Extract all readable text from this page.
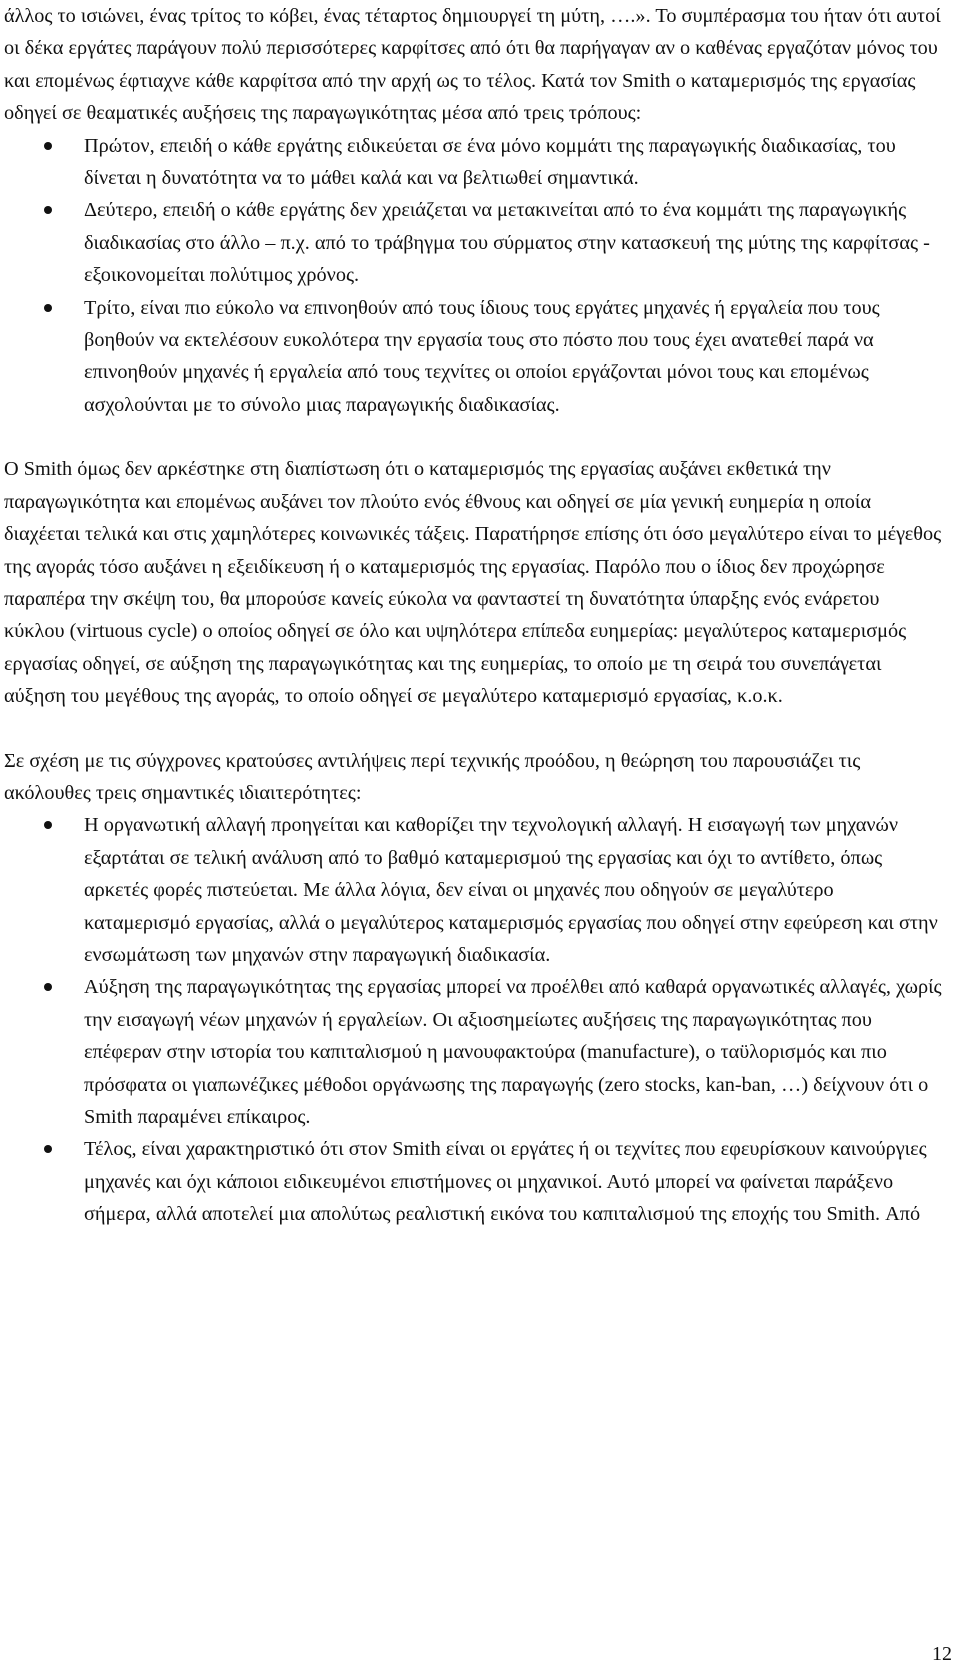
άλλος το ισιώνει, ένας τρίτος το κόβει, ένας τέταρτος δημιουργεί τη μύτη, ….». Το συμπέρασμα του ήταν ότι αυτοί οι δέκα εργάτες παράγουν πολύ περισσότερες καρφίτσες από ότι θα παρήγαγαν αν ο καθένας εργαζόταν μόνος του και επομένως έφτιαχνε κάθε καρφίτσα από την αρχή ως το τέλος. Κατά τον Smith ο καταμερισμός της εργασίας οδηγεί σε θεαματικές αυξήσεις της παραγωγικότητας μέσα από τρεις τρόπους:

Πρώτον, επειδή ο κάθε εργάτης ειδικεύεται σε ένα μόνο κομμάτι της παραγωγικής διαδικασίας, του δίνεται η δυνατότητα να το μάθει καλά και να βελτιωθεί σημαντικά.
Δεύτερο, επειδή ο κάθε εργάτης δεν χρειάζεται να μετακινείται από το ένα κομμάτι της παραγωγικής διαδικασίας στο άλλο – π.χ. από το τράβηγμα του σύρματος στην κατασκευή της μύτης της καρφίτσας - εξοικονομείται πολύτιμος χρόνος.
Τρίτο, είναι πιο εύκολο να επινοηθούν από τους ίδιους τους εργάτες μηχανές ή εργαλεία που τους βοηθούν να εκτελέσουν ευκολότερα την εργασία τους στο πόστο που τους έχει ανατεθεί παρά να επινοηθούν μηχανές ή εργαλεία από τους τεχνίτες οι οποίοι εργάζονται μόνοι τους και επομένως ασχολούνται με το σύνολο μιας παραγωγικής διαδικασίας.

Ο Smith όμως δεν αρκέστηκε στη διαπίστωση ότι ο καταμερισμός της εργασίας αυξάνει εκθετικά την παραγωγικότητα και επομένως αυξάνει τον πλούτο ενός έθνους και οδηγεί σε μία γενική ευημερία η οποία διαχέεται τελικά και στις χαμηλότερες κοινωνικές τάξεις. Παρατήρησε επίσης ότι όσο μεγαλύτερο είναι το μέγεθος της αγοράς τόσο αυξάνει η εξειδίκευση ή ο καταμερισμός της εργασίας. Παρόλο που ο ίδιος δεν προχώρησε παραπέρα την σκέψη του, θα μπορούσε κανείς εύκολα να φανταστεί τη δυνατότητα ύπαρξης ενός ενάρετου κύκλου (virtuous cycle) ο οποίος οδηγεί σε όλο και υψηλότερα επίπεδα ευημερίας: μεγαλύτερος καταμερισμός εργασίας οδηγεί, σε αύξηση της παραγωγικότητας και της ευημερίας, το οποίο με τη σειρά του συνεπάγεται αύξηση του μεγέθους της αγοράς, το οποίο οδηγεί σε μεγαλύτερο καταμερισμό εργασίας, κ.ο.κ.

Σε σχέση με τις σύγχρονες κρατούσες αντιλήψεις περί τεχνικής προόδου, η θεώρηση του παρουσιάζει τις ακόλουθες τρεις σημαντικές ιδιαιτερότητες:

Η οργανωτική αλλαγή προηγείται και καθορίζει την τεχνολογική αλλαγή. Η εισαγωγή των μηχανών εξαρτάται σε τελική ανάλυση από το βαθμό καταμερισμού της εργασίας και όχι το αντίθετο, όπως αρκετές φορές πιστεύεται. Με άλλα λόγια, δεν είναι οι μηχανές που οδηγούν σε μεγαλύτερο καταμερισμό εργασίας, αλλά ο μεγαλύτερος καταμερισμός εργασίας που οδηγεί στην εφεύρεση και στην ενσωμάτωση των μηχανών στην παραγωγική διαδικασία.
Αύξηση της παραγωγικότητας της εργασίας μπορεί να προέλθει από καθαρά οργανωτικές αλλαγές, χωρίς την εισαγωγή νέων μηχανών ή εργαλείων. Οι αξιοσημείωτες αυξήσεις της παραγωγικότητας που επέφεραν στην ιστορία του καπιταλισμού η μανουφακτούρα (manufacture), ο ταϋλορισμός και πιο πρόσφατα οι γιαπωνέζικες μέθοδοι οργάνωσης της παραγωγής (zero stocks, kan-ban, …) δείχνουν ότι ο Smith παραμένει επίκαιρος.
Τέλος, είναι χαρακτηριστικό ότι στον Smith είναι οι εργάτες ή οι τεχνίτες που εφευρίσκουν καινούργιες μηχανές και όχι κάποιοι ειδικευμένοι επιστήμονες οι μηχανικοί. Αυτό μπορεί να φαίνεται παράξενο σήμερα, αλλά αποτελεί μια απολύτως ρεαλιστική εικόνα του καπιταλισμού της εποχής του Smith. Από
12
